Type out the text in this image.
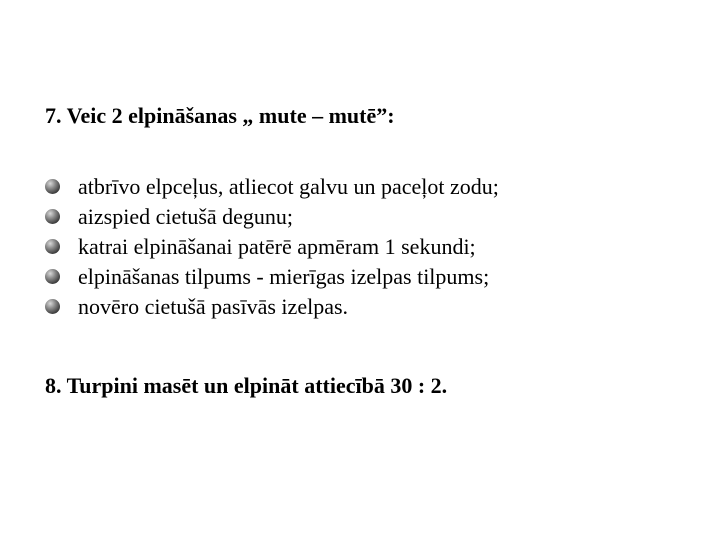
7. Veic 2 elpināšanas „ mute – mutē”:
atbrīvo elpceļus, atliecot galvu un paceļot zodu;
aizspied cietušā degunu;
katrai elpināšanai patērē apmēram 1 sekundi;
elpināšanas tilpums - mierīgas izelpas tilpums;
novēro cietušā pasīvās izelpas.
8. Turpini masēt un elpināt attiecībā 30 : 2.
